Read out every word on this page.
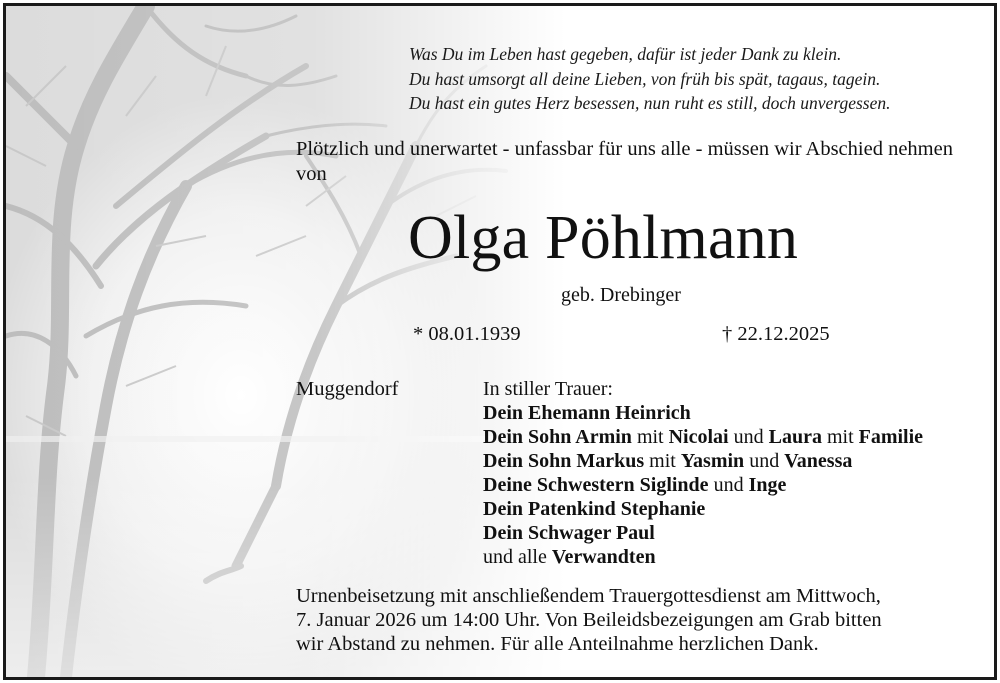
Was Du im Leben hast gegeben, dafür ist jeder Dank zu klein.
Du hast umsorgt all deine Lieben, von früh bis spät, tagaus, tagein.
Du hast ein gutes Herz besessen, nun ruht es still, doch unvergessen.
Plötzlich und unerwartet - unfassbar für uns alle - müssen wir Abschied nehmen von
Olga Pöhlmann
geb. Drebinger
* 08.01.1939	† 22.12.2025
Muggendorf	In stiller Trauer:
Dein Ehemann Heinrich
Dein Sohn Armin mit Nicolai und Laura mit Familie
Dein Sohn Markus mit Yasmin und Vanessa
Deine Schwestern Siglinde und Inge
Dein Patenkind Stephanie
Dein Schwager Paul
und alle Verwandten
Urnenbeisetzung mit anschließendem Trauergottesdienst am Mittwoch,
7. Januar 2026 um 14:00 Uhr. Von Beileidsbezeigungen am Grab bitten
wir Abstand zu nehmen. Für alle Anteilnahme herzlichen Dank.
